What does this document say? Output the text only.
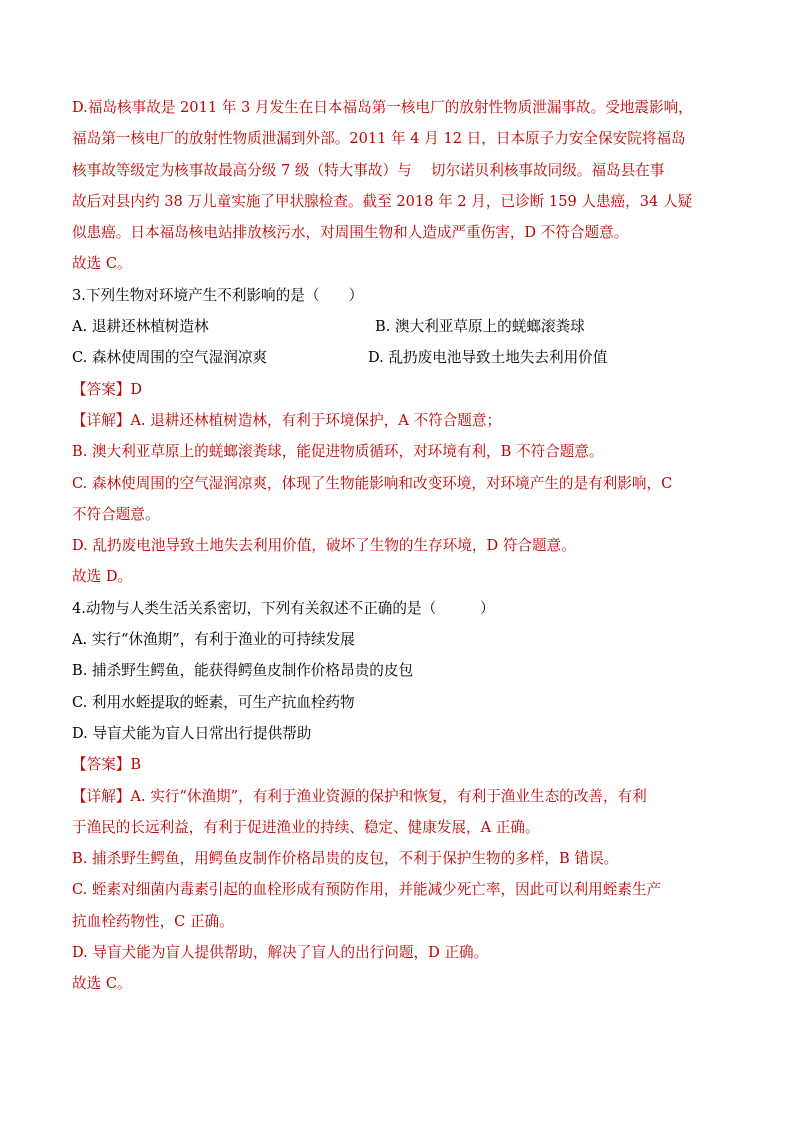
D.福岛核事故是 2011 年 3 月发生在日本福岛第一核电厂的放射性物质泄漏事故。受地震影响，
福岛第一核电厂的放射性物质泄漏到外部。2011 年 4 月 12 日，日本原子力安全保安院将福岛
核事故等级定为核事故最高分级 7 级（特大事故）与　 切尔诺贝利核事故同级。福岛县在事
故后对县内约 38 万儿童实施了甲状腺检查。截至 2018 年 2 月，已诊断 159 人患癌，34 人疑
似患癌。日本福岛核电站排放核污水，对周围生物和人造成严重伤害，D 不符合题意。
故选 C。
3.下列生物对环境产生不利影响的是（　　）
A. 退耕还林植树造林	B. 澳大利亚草原上的蜣螂滚粪球
C. 森林使周围的空气湿润凉爽	D. 乱扔废电池导致土地失去利用价值
【答案】D
【详解】A. 退耕还林植树造林，有利于环境保护，A 不符合题意；
B. 澳大利亚草原上的蜣螂滚粪球，能促进物质循环，对环境有利，B 不符合题意。
C. 森林使周围的空气湿润凉爽，体现了生物能影响和改变环境，对环境产生的是有利影响，C
不符合题意。
D. 乱扔废电池导致土地失去利用价值，破坏了生物的生存环境，D 符合题意。
故选 D。
4.动物与人类生活关系密切，下列有关叙述不正确的是（　　　）
A. 实行“休渔期”，有利于渔业的可持续发展
B. 捕杀野生鳄鱼，能获得鳄鱼皮制作价格昂贵的皮包
C. 利用水蛭提取的蛭素，可生产抗血栓药物
D. 导盲犬能为盲人日常出行提供帮助
【答案】B
【详解】A. 实行“休渔期”，有利于渔业资源的保护和恢复，有利于渔业生态的改善，有利
于渔民的长远利益，有利于促进渔业的持续、稳定、健康发展，A 正确。
B. 捕杀野生鳄鱼，用鳄鱼皮制作价格昂贵的皮包，不利于保护生物的多样，B 错误。
C. 蛭素对细菌内毒素引起的血栓形成有预防作用，并能减少死亡率，因此可以利用蛭素生产
抗血栓药物性，C 正确。
D. 导盲犬能为盲人提供帮助，解决了盲人的出行问题，D 正确。
故选 C。
